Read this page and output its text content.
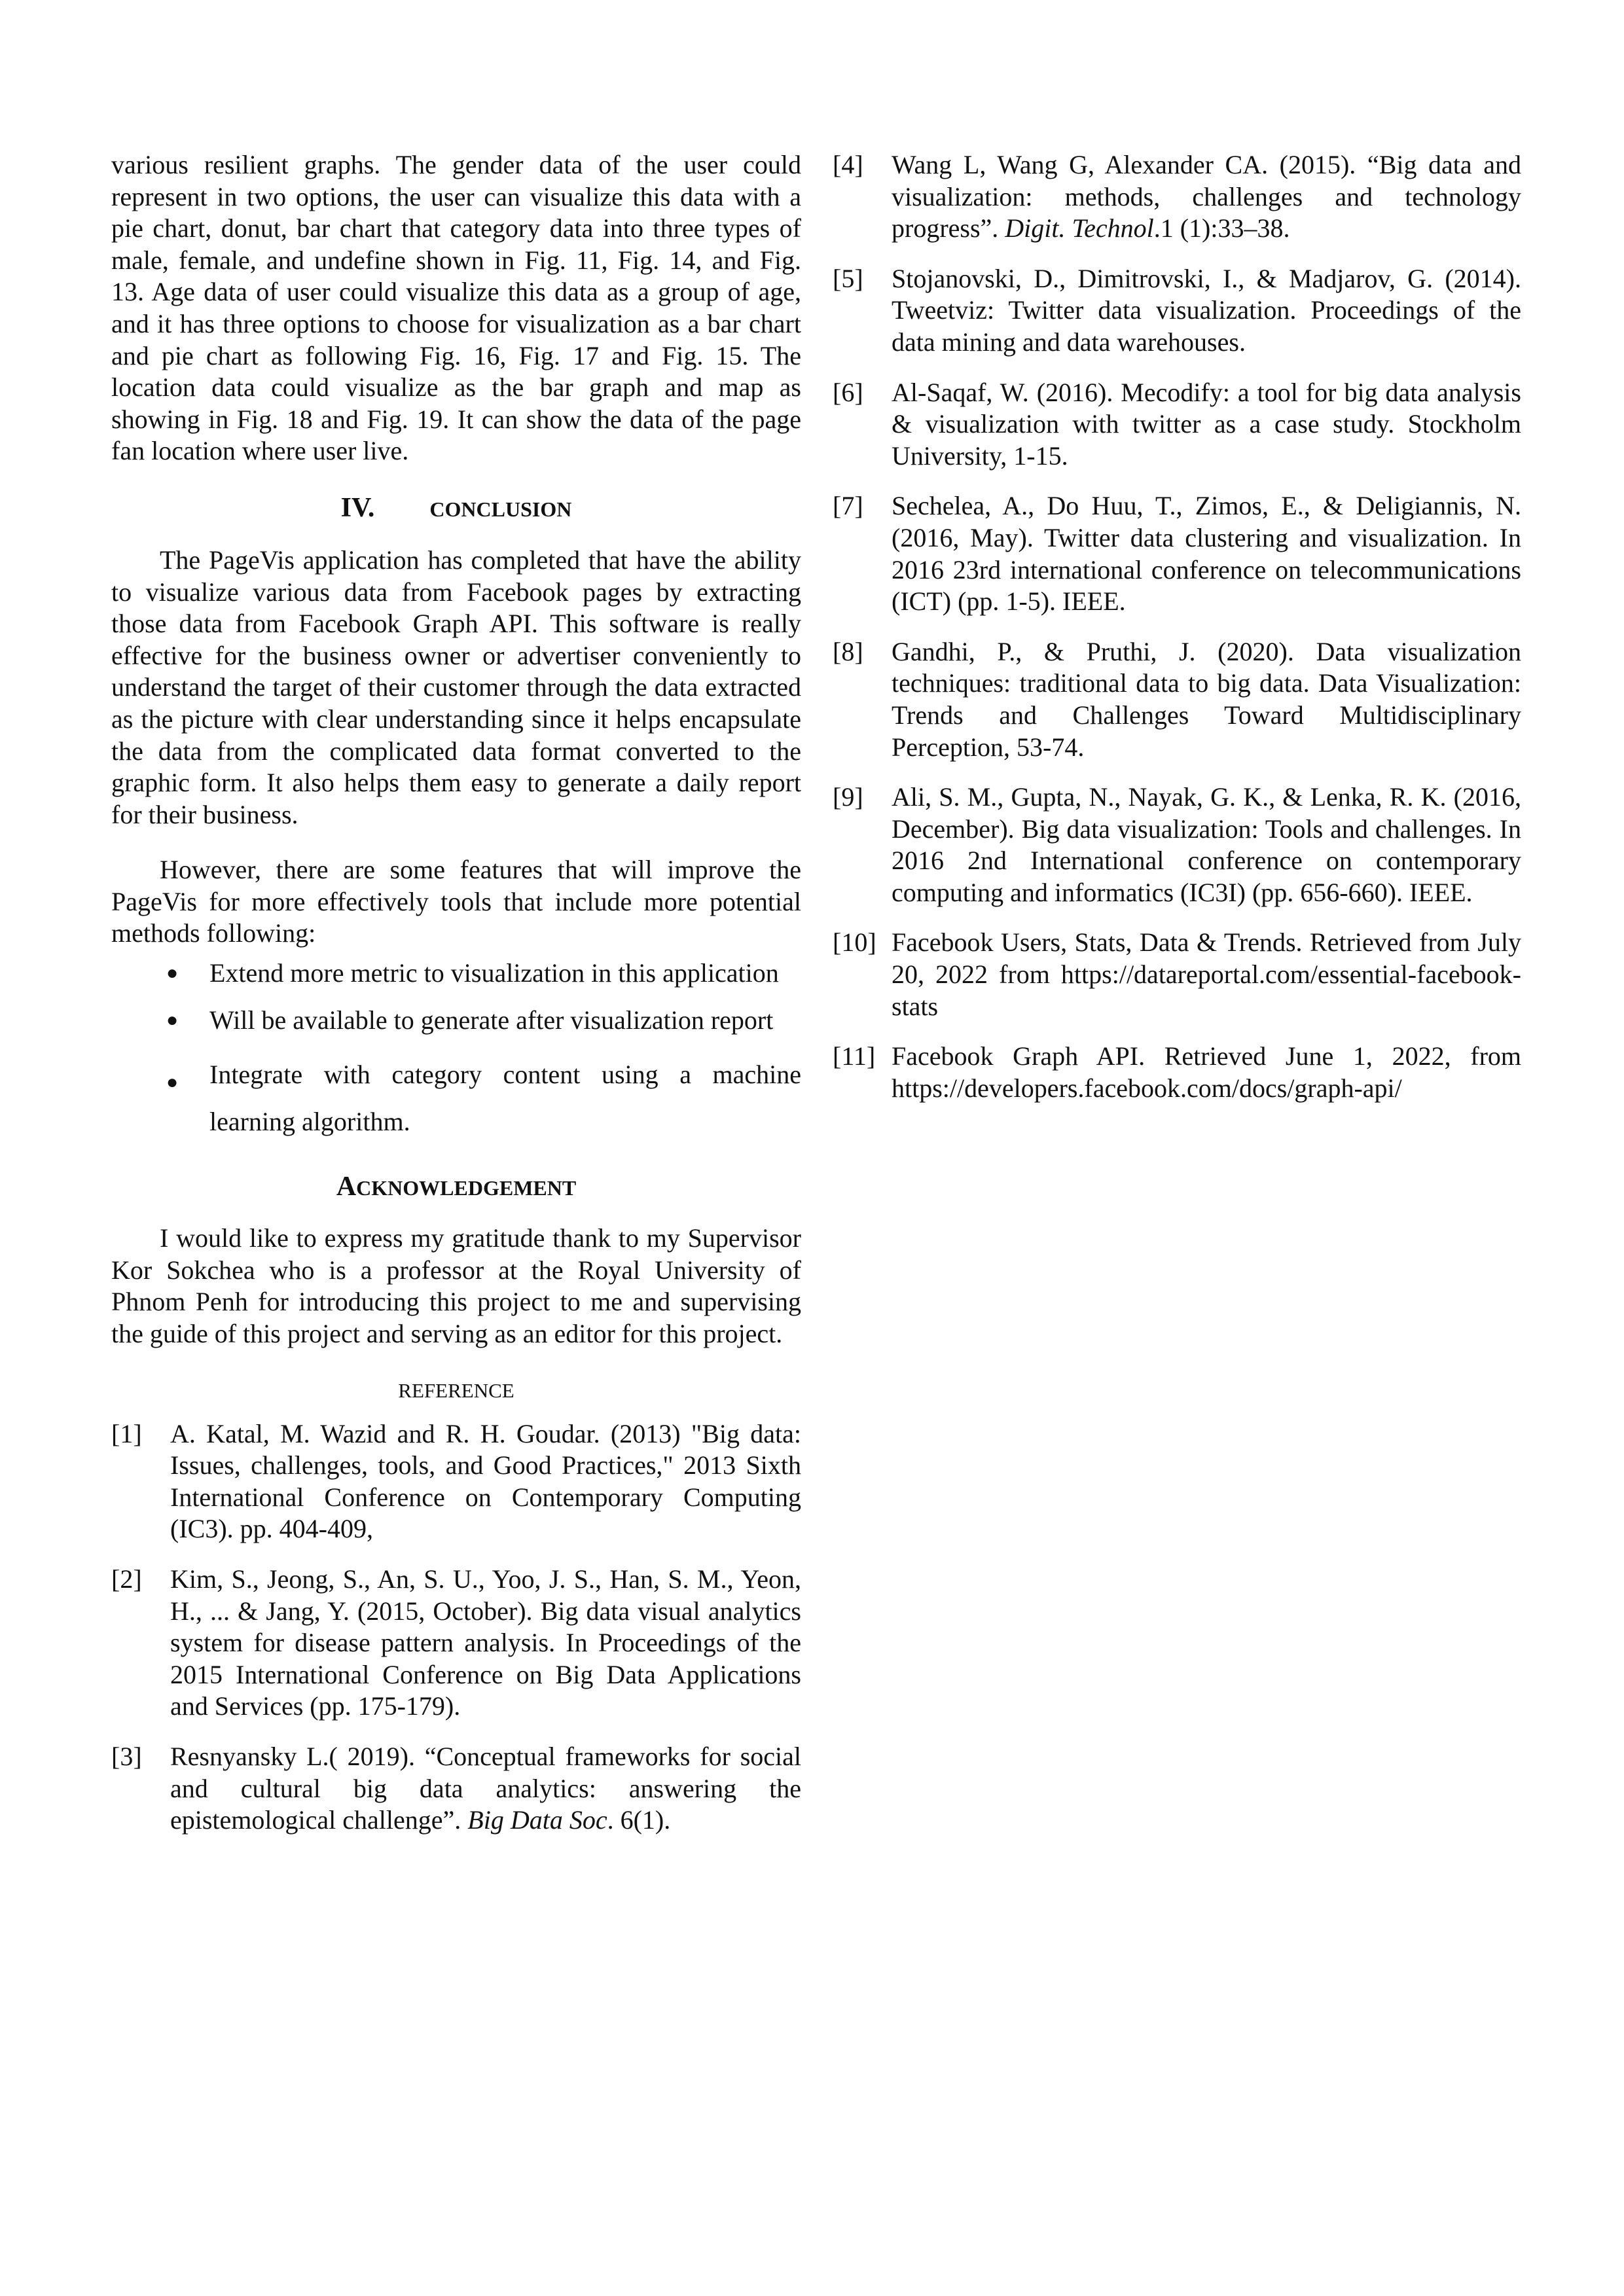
various resilient graphs. The gender data of the user could represent in two options, the user can visualize this data with a pie chart, donut, bar chart that category data into three types of male, female, and undefine shown in Fig. 11, Fig. 14, and Fig. 13. Age data of user could visualize this data as a group of age, and it has three options to choose for visualization as a bar chart and pie chart as following Fig. 16, Fig. 17 and Fig. 15. The location data could visualize as the bar graph and map as showing in Fig. 18 and Fig. 19. It can show the data of the page fan location where user live.

IV.	CONCLUSION

The PageVis application has completed that have the ability to visualize various data from Facebook pages by extracting those data from Facebook Graph API. This software is really effective for the business owner or advertiser conveniently to understand the target of their customer through the data extracted as the picture with clear understanding since it helps encapsulate the data from the complicated data format converted to the graphic form. It also helps them easy to generate a daily report for their business.

However, there are some features that will improve the PageVis for more effectively tools that include more potential methods following:

● Extend more metric to visualization in this application
● Will be available to generate after visualization report
● Integrate with category content using a machine learning algorithm.
ACKNOWLEDGEMENT

I would like to express my gratitude thank to my Supervisor Kor Sokchea who is a professor at the Royal University of Phnom Penh for introducing this project to me and supervising the guide of this project and serving as an editor for this project.

REFERENCE
[1]	A. Katal, M. Wazid and R. H. Goudar. (2013) "Big data: Issues, challenges, tools, and Good Practices," 2013 Sixth International Conference on Contemporary Computing (IC3). pp. 404-409,
[2]	Kim, S., Jeong, S., An, S. U., Yoo, J. S., Han, S. M., Yeon, H., ... & Jang, Y. (2015, October). Big data visual analytics system for disease pattern analysis. In Proceedings of the 2015 International Conference on Big Data Applications and Services (pp. 175-179).
[3]	Resnyansky L.( 2019). “Conceptual frameworks for social and cultural big data analytics: answering the epistemological challenge”. Big Data Soc. 6(1).
[4]	Wang L, Wang G, Alexander CA. (2015). “Big data and visualization: methods, challenges and technology progress”. Digit. Technol.1 (1):33–38.
[5]	Stojanovski, D., Dimitrovski, I., & Madjarov, G. (2014). Tweetviz: Twitter data visualization. Proceedings of the data mining and data warehouses.
[6]	Al-Saqaf, W. (2016). Mecodify: a tool for big data analysis & visualization with twitter as a case study. Stockholm University, 1-15.
[7]	Sechelea, A., Do Huu, T., Zimos, E., & Deligiannis, N. (2016, May). Twitter data clustering and visualization. In 2016 23rd international conference on telecommunications (ICT) (pp. 1-5). IEEE.
[8]	Gandhi, P., & Pruthi, J. (2020). Data visualization techniques: traditional data to big data. Data Visualization: Trends and Challenges Toward Multidisciplinary Perception, 53-74.
[9]	Ali, S. M., Gupta, N., Nayak, G. K., & Lenka, R. K. (2016, December). Big data visualization: Tools and challenges. In 2016 2nd International conference on contemporary computing and informatics (IC3I) (pp. 656-660). IEEE.
[10] Facebook Users, Stats, Data & Trends. Retrieved from July 20, 2022 from https://datareportal.com/essential-facebook-stats
[11] Facebook Graph API. Retrieved June 1, 2022, from https://developers.facebook.com/docs/graph-api/
